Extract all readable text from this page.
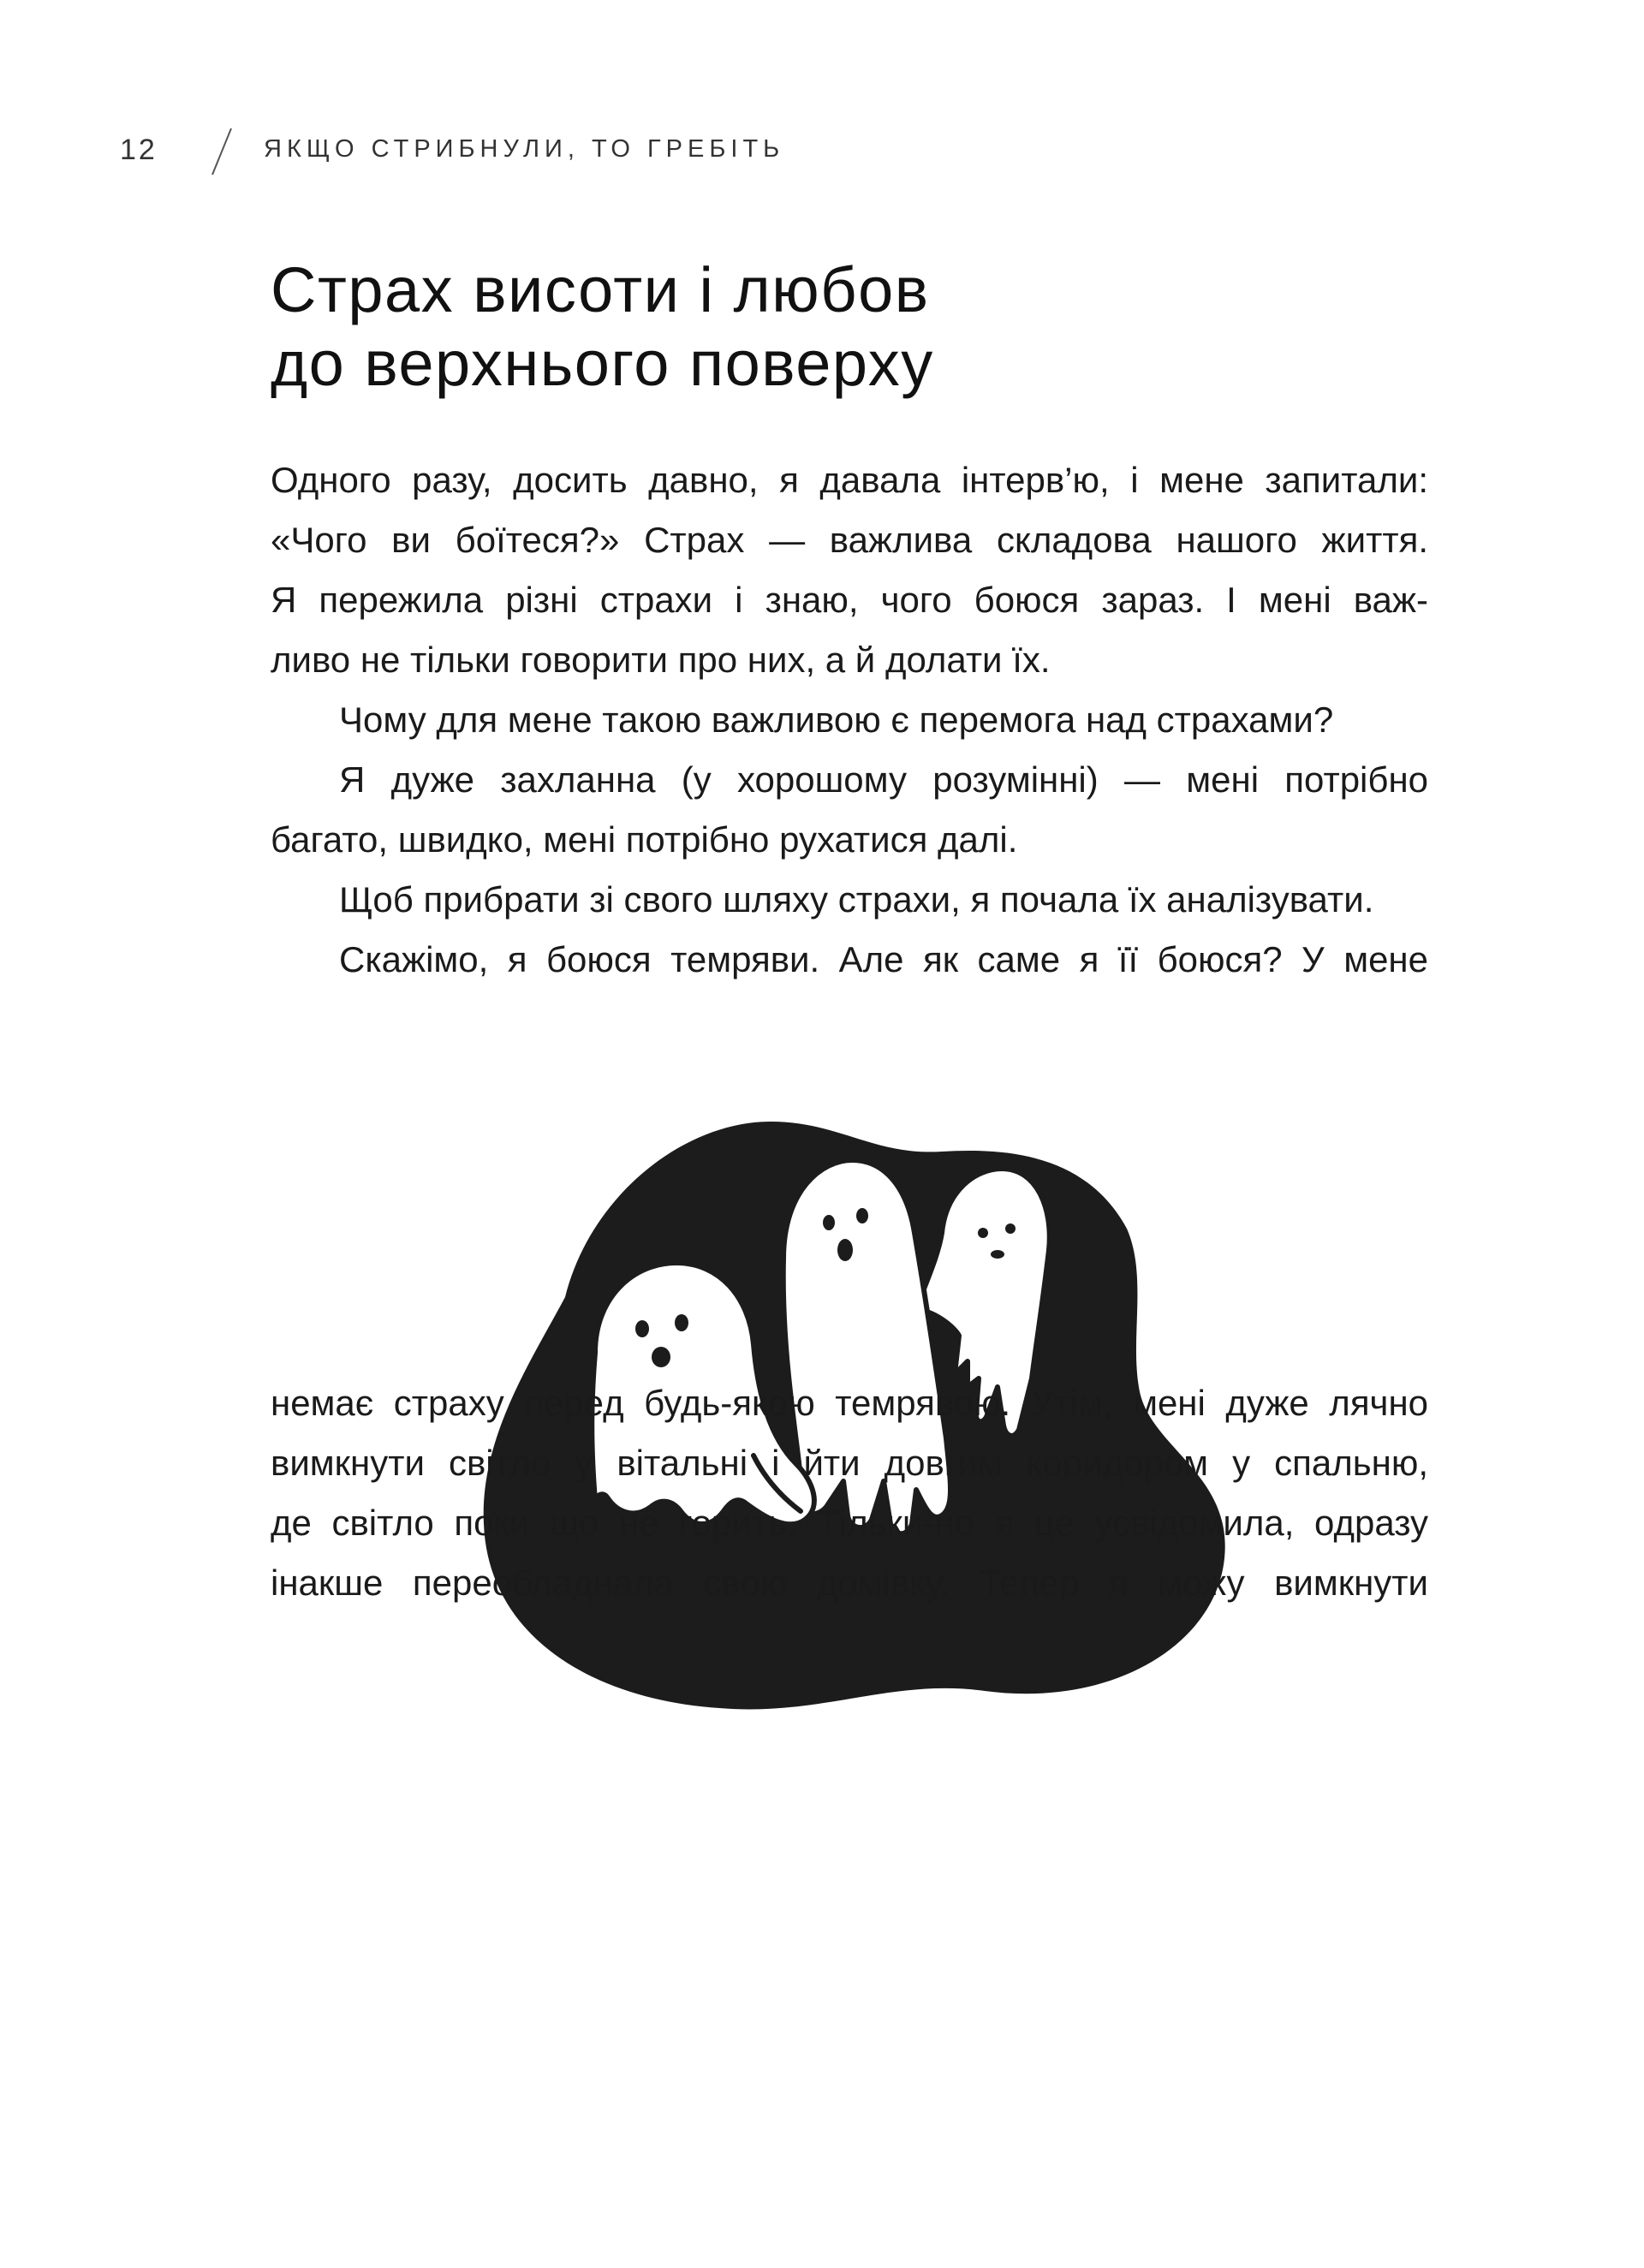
12	ЯКЩО СТРИБНУЛИ, ТО ГРЕБІТЬ
Страх висоти і любов
до верхнього поверху
Одного разу, досить давно, я давала інтерв’ю, і мене запитали:
«Чого ви боїтеся?» Страх — важлива складова нашого життя.
Я пережила різні страхи і знаю, чого боюся зараз. І мені важ-
ливо не тільки говорити про них, а й долати їх.
Чому для мене такою важливою є перемога над страхами?
Я дуже захланна (у хорошому розумінні) — мені потрібно
багато, швидко, мені потрібно рухатися далі.
Щоб прибрати зі свого шляху страхи, я почала їх аналізувати.
Скажімо, я боюся темряви. Але як саме я її боюся? У мене
немає страху перед будь-якою темрявою. Утім, мені дуже лячно
вимкнути світло у вітальні і йти довгим коридором у спальню,
де світло поки що не горить. Тільки-но я це усвідомила, одразу
інакше переобладнала свою домівку. Тепер я можу вимкнути
